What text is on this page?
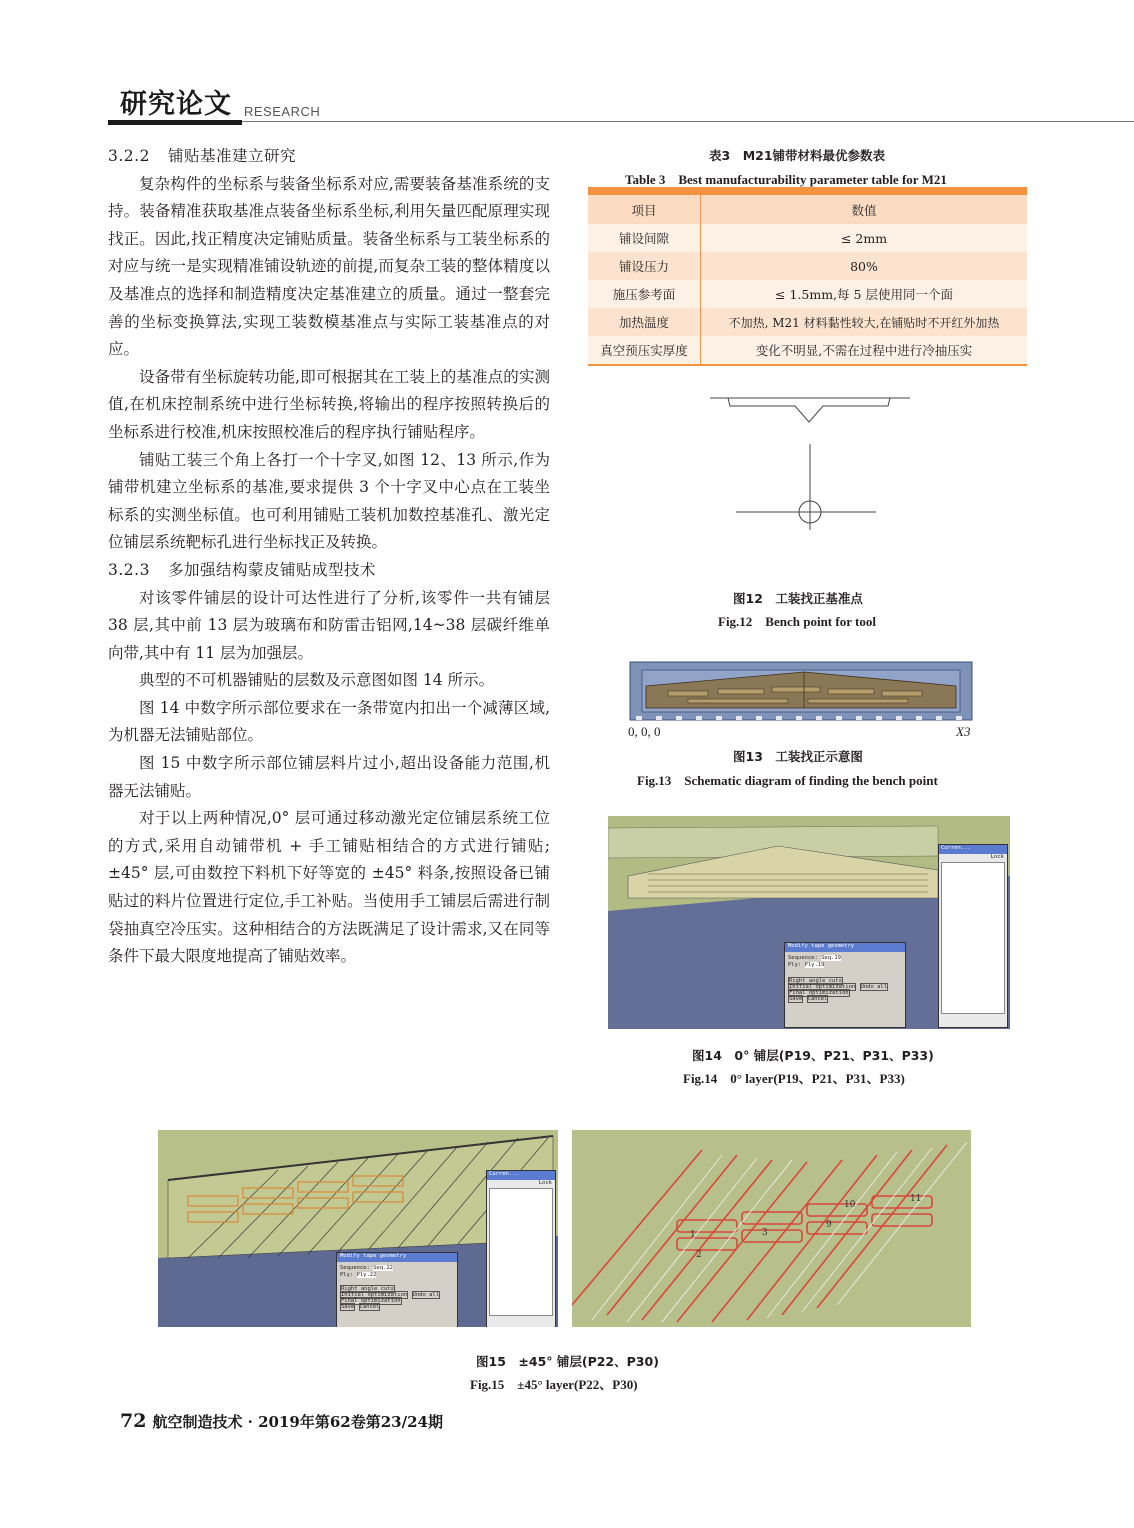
研究论文 RESEARCH
3.2.2 铺贴基准建立研究

复杂构件的坐标系与装备坐标系对应,需要装备基准系统的支持。装备精准获取基准点装备坐标系坐标,利用矢量匹配原理实现找正。因此,找正精度决定铺贴质量。装备坐标系与工装坐标系的对应与统一是实现精准铺设轨迹的前提,而复杂工装的整体精度以及基准点的选择和制造精度决定基准建立的质量。通过一整套完善的坐标变换算法,实现工装数模基准点与实际工装基准点的对应。

设备带有坐标旋转功能,即可根据其在工装上的基准点的实测值,在机床控制系统中进行坐标转换,将输出的程序按照转换后的坐标系进行校准,机床按照校准后的程序执行铺贴程序。

铺贴工装三个角上各打一个十字叉,如图 12、13 所示,作为铺带机建立坐标系的基准,要求提供 3 个十字叉中心点在工装坐标系的实测坐标值。也可利用铺贴工装机加数控基准孔、激光定位铺层系统靶标孔进行坐标找正及转换。

3.2.3 多加强结构蒙皮铺贴成型技术

对该零件铺层的设计可达性进行了分析,该零件一共有铺层 38 层,其中前 13 层为玻璃布和防雷击铝网,14~38 层碳纤维单向带,其中有 11 层为加强层。

典型的不可机器铺贴的层数及示意图如图 14 所示。

图 14 中数字所示部位要求在一条带宽内扣出一个减薄区域,为机器无法铺贴部位。

图 15 中数字所示部位铺层料片过小,超出设备能力范围,机器无法铺贴。

对于以上两种情况,0° 层可通过移动激光定位铺层系统工位的方式,采用自动铺带机 + 手工铺贴相结合的方式进行铺贴; ±45° 层,可由数控下料机下好等宽的 ±45° 料条,按照设备已铺贴过的料片位置进行定位,手工补贴。当使用手工铺层后需进行制袋抽真空冷压实。这种相结合的方法既满足了设计需求,又在同等条件下最大限度地提高了铺贴效率。

表3　M21铺带材料最优参数表
Table 3　Best manufacturability parameter table for M21

项目	数值
铺设间隙	≤ 2mm
铺设压力	80%
施压参考面	≤ 1.5mm,每 5 层使用同一个面
加热温度	不加热, M21 材料黏性较大,在铺贴时不开红外加热
真空预压实厚度	变化不明显,不需在过程中进行冷抽压实
图12　工装找正基准点
Fig.12　Bench point for tool
0, 0, 0	X3
图13　工装找正示意图
Fig.13　Schematic diagram of finding the bench point
Modify tape geometry
Sequence: Seq.19
Ply: Ply.19
Right angle cuts
Initial optimization Undo all
Final optimization
Save Cancel
Curren...
Lock
图14　0° 铺层(P19、P21、P31、P33)
Fig.14　0° layer(P19、P21、P31、P33)
Modify tape geometry
Sequence: Seq.22
Ply: Ply.22
Right angle cuts
Initial optimization Undo all
Final optimization
Save Cancel
Curren...
Lock
1
2
3
9
10
11
图15　±45° 铺层(P22、P30)
Fig.15　±45° layer(P22、P30)
72 航空制造技术 · 2019年第62卷第23/24期
